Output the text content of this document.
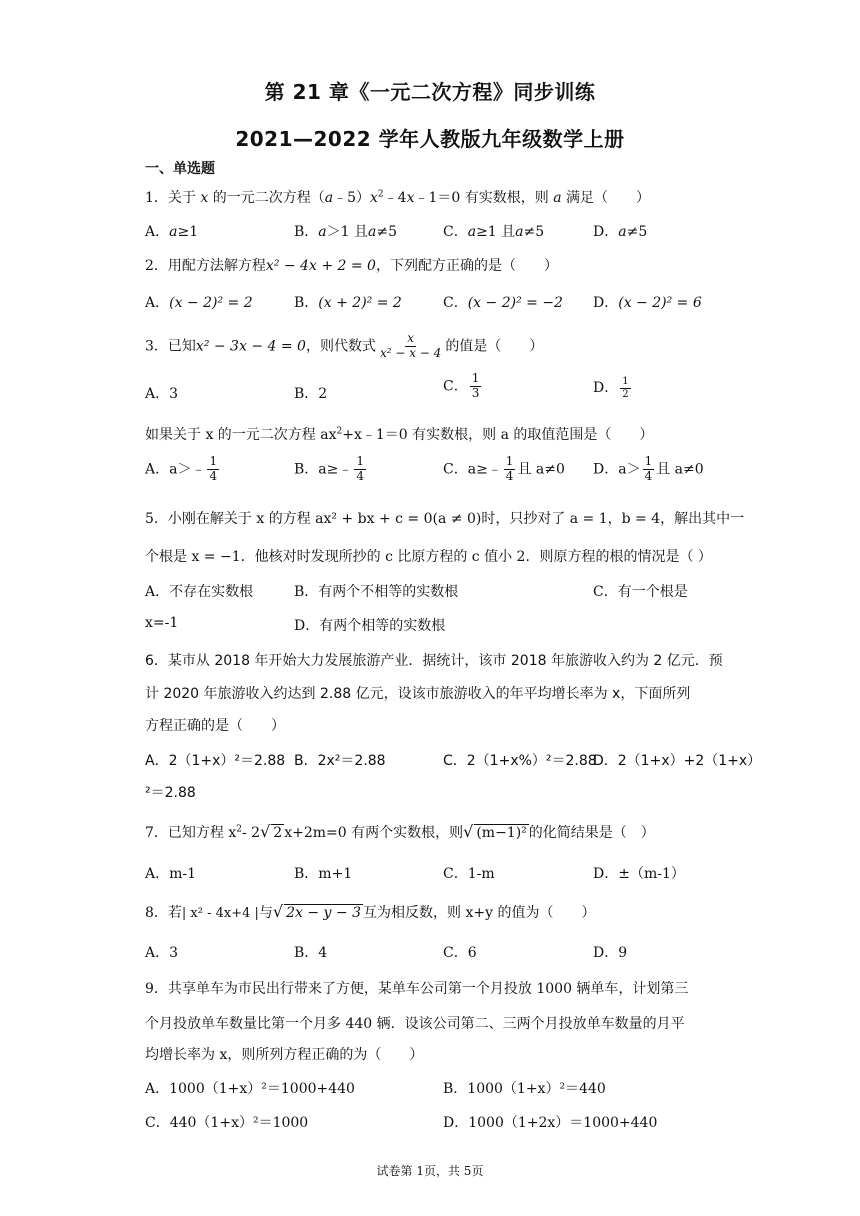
第 21 章《一元二次方程》同步训练
2021—2022 学年人教版九年级数学上册
一、单选题
1．关于 x 的一元二次方程$(a﹣5)x^2﹣4x﹣1=0$ 有实数根，则 a 满足（　　）
A．a≥1	B．a＞1 且a≠5	C．a≥1 且a≠5	D．a≠5
2．用配方法解方程x² − 4x + 2 = 0，下列配方正确的是（　　）
A．(x − 2)² = 2	B．(x + 2)² = 2	C．(x − 2)² = −2 D．(x − 2)² = 6
3．已知x² − 3x − 4 = 0，则代数式 $\frac{x}{\text{x² − x − 4}}$ 的值是（　　）
A．3	B．2	C． $\frac{1}{3}$	D． $\frac{1}{2}$
如果关于 x 的一元二次方程 $ax^2+x﹣1=0$ 有实数根，则 a 的取值范围是（　　）
A．a＞﹣ $\frac{1}{4}$	B．a≥﹣ $\frac{1}{4}$	C．a≥﹣ $\frac{1}{4}$ 且 a≠0 D．$a> \frac{1}{4}$ 且 a≠0
5．小刚在解关于 x 的方程 ax² + bx + c = 0(a ≠ 0)时，只抄对了 a = 1，b = 4，解出其中一
个根是 x = −1．他核对时发现所抄的 c 比原方程的 c 值小 2．则原方程的根的情况是（ ）
A．不存在实数根	B．有两个不相等的实数根	C．有一个根是
x=-1	D．有两个相等的实数根
6．某市从 2018 年开始大力发展旅游产业．据统计，该市 2018 年旅游收入约为 2 亿元．预
计 2020 年旅游收入约达到 2.88 亿元，设该市旅游收入的年平均增长率为 x，下面所列
方程正确的是（　　）
A．2（1+x）²＝2.88 B．2x²＝2.88	C．2（1+x%）²＝2.88
D．2（1+x）+2（1+x）
²＝2.88
7．已知方程 $x^2-$ 2√ 2 x+2m=0 有两个实数根，则√ (m−1)² 的化简结果是（　）
A．m-1	B．m+1	C．1-m	D．±（m-1）
8．若| x² - 4x+4 |与√ 2x − y − 3 互为相反数，则 x+y 的值为（　　）
A．3	B．4	C．6	D．9
9．共享单车为市民出行带来了方便，某单车公司第一个月投放 1000 辆单车，计划第三
个月投放单车数量比第一个月多 440 辆．设该公司第二、三两个月投放单车数量的月平
均增长率为 x，则所列方程正确的为（　　）
A．1000（1+x）²＝1000+440	B．1000（1+x）²＝440
C．440（1+x）²＝1000	D．1000（1+2x）＝1000+440
试卷第 1页，共 5页
